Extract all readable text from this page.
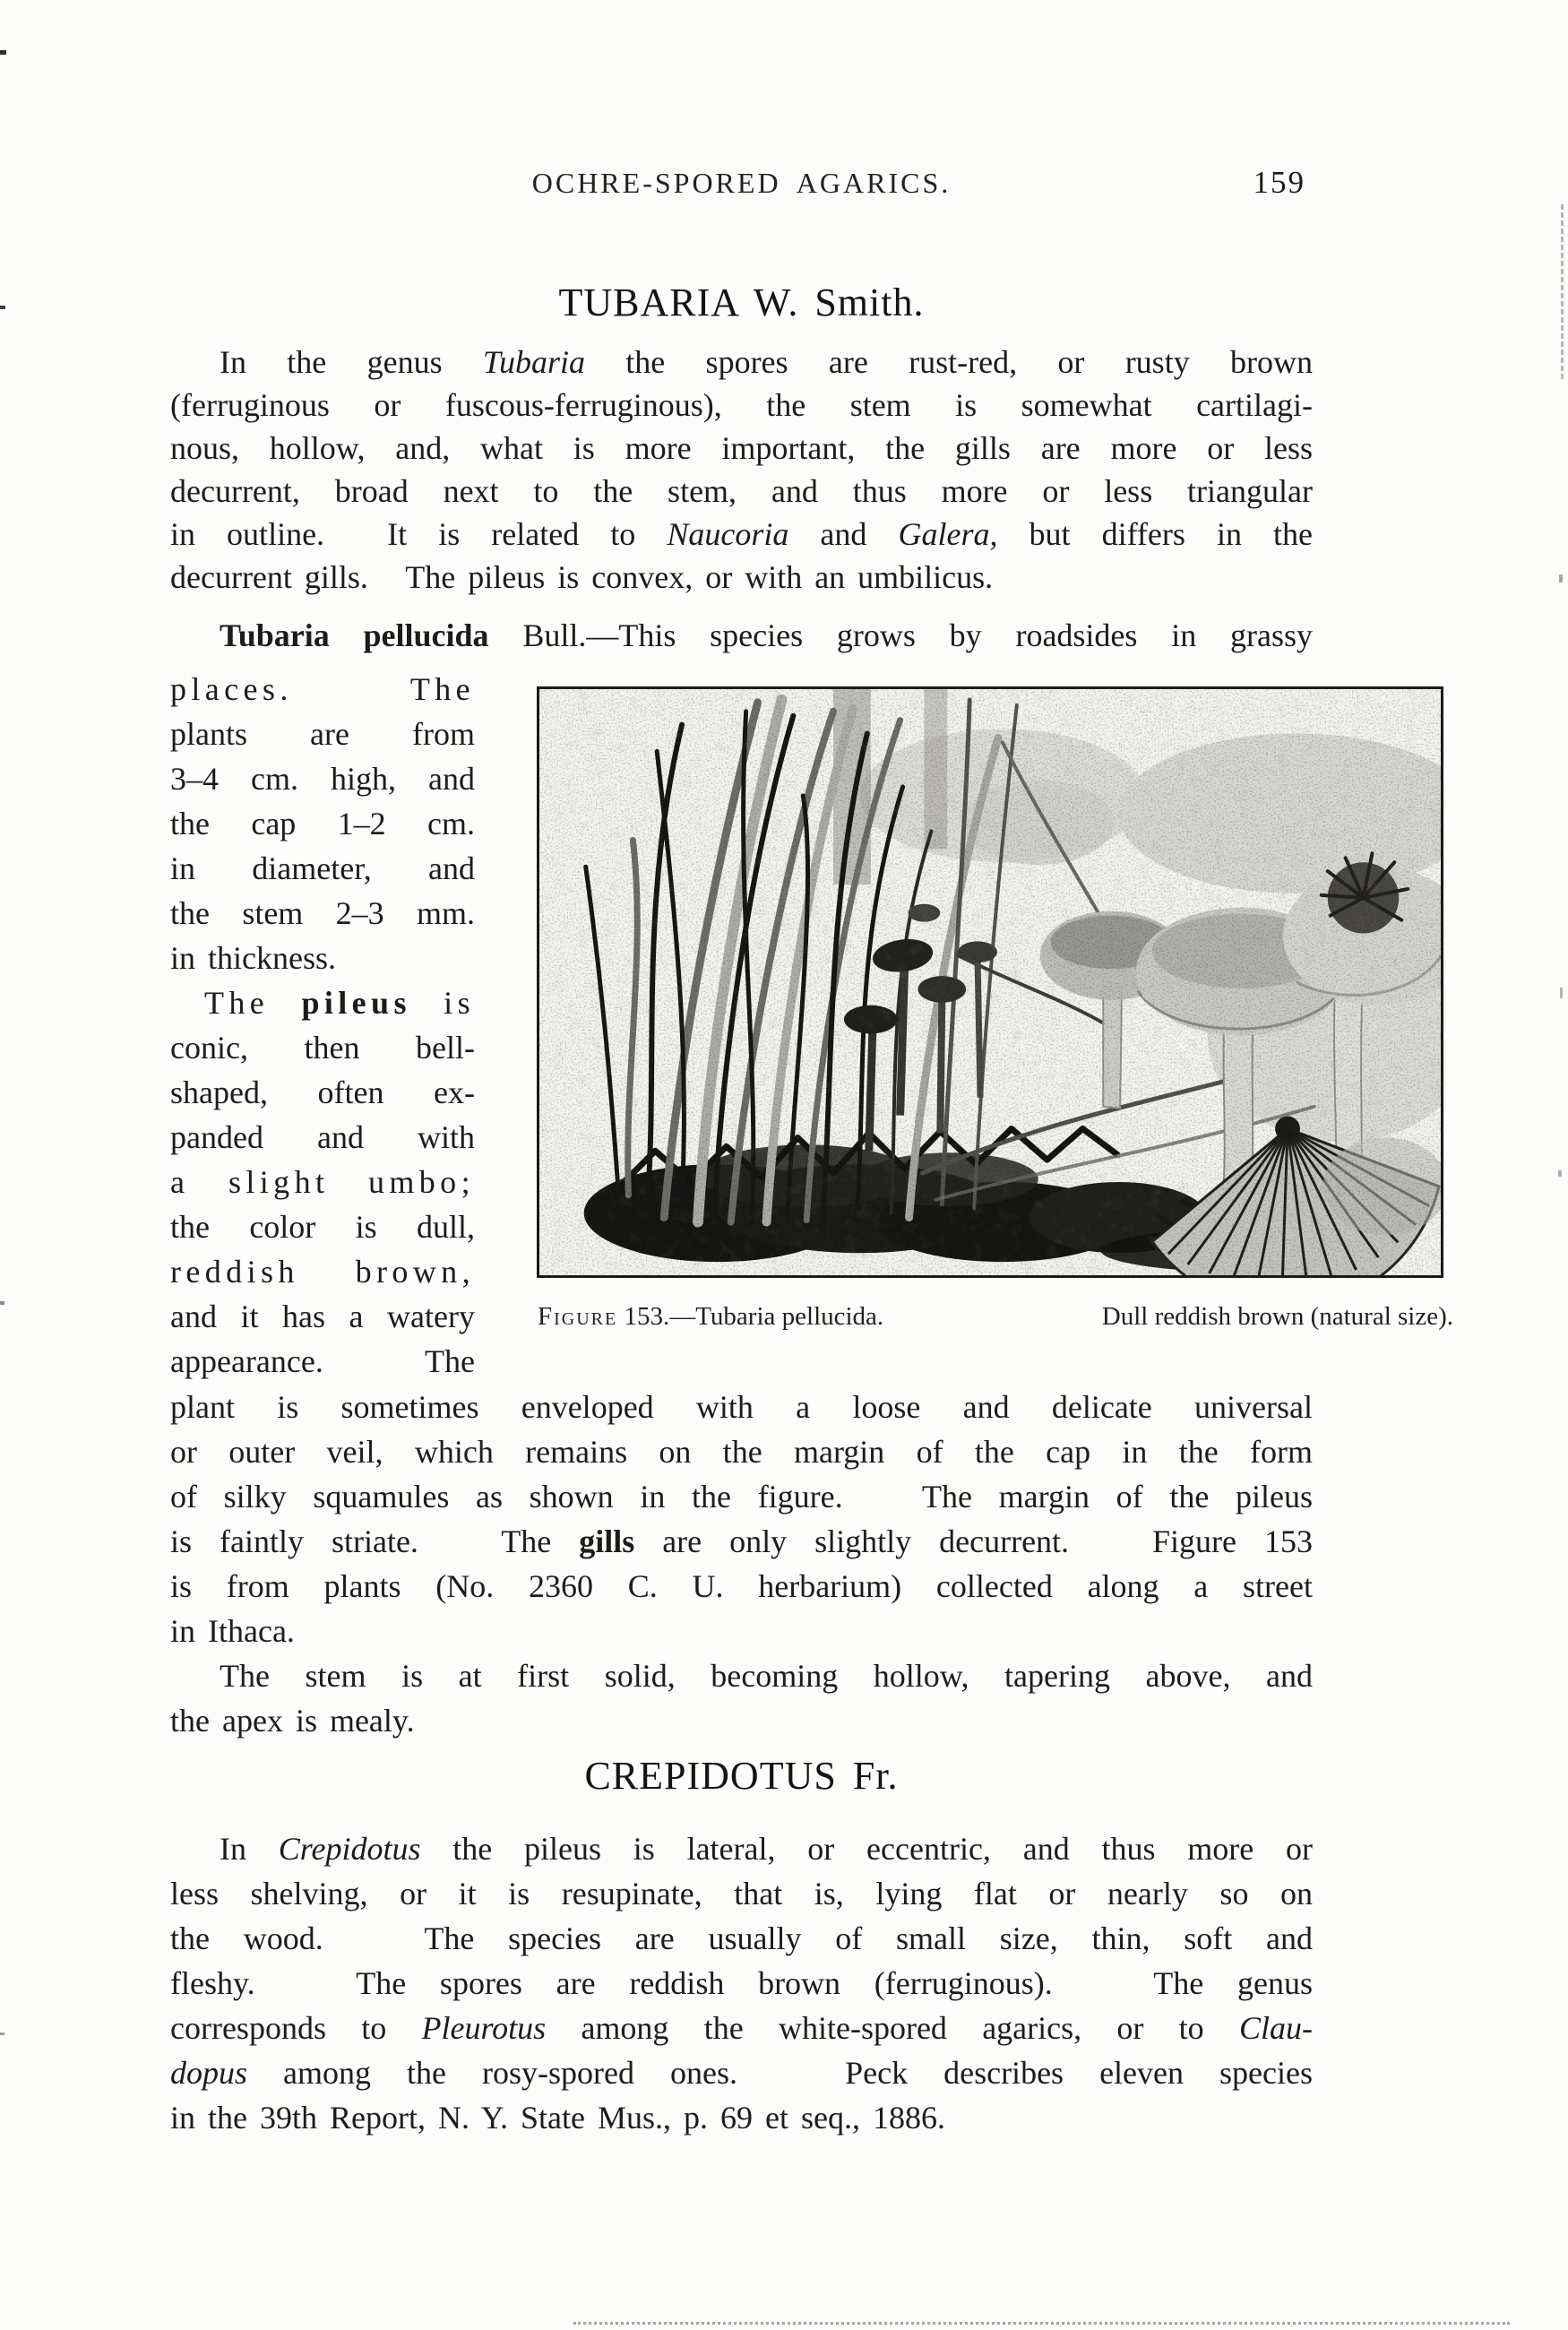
OCHRE-SPORED AGARICS.	159
TUBARIA W. Smith.
In the genus Tubaria the spores are rust-red, or rusty brown
(ferruginous or fuscous-ferruginous), the stem is somewhat cartilagi-
nous, hollow, and, what is more important, the gills are more or less
decurrent, broad next to the stem, and thus more or less triangular
in outline.  It is related to Naucoria and Galera, but differs in the
decurrent gills.   The pileus is convex, or with an umbilicus.
Tubaria pellucida Bull.—This species grows by roadsides in grassy
places.  The
plants are from
3–4 cm. high, and
the cap 1–2 cm.
in diameter, and
the stem 2–3 mm.
in thickness.
The pileus is
conic, then bell-
shaped, often ex-
panded and with
a slight umbo;
the color is dull,
reddish brown,
and it has a watery
appearance.  The
Figure 153.—Tubaria pellucida.	Dull reddish brown (natural size).
plant is sometimes enveloped with a loose and delicate universal
or outer veil, which remains on the margin of the cap in the form
of silky squamules as shown in the figure.   The margin of the pileus
is faintly striate.   The gills are only slightly decurrent.   Figure 153
is from plants (No. 2360 C. U. herbarium) collected along a street
in Ithaca.
The stem is at first solid, becoming hollow, tapering above, and
the apex is mealy.
CREPIDOTUS Fr.
In Crepidotus the pileus is lateral, or eccentric, and thus more or
less shelving, or it is resupinate, that is, lying flat or nearly so on
the wood.   The species are usually of small size, thin, soft and
fleshy.   The spores are reddish brown (ferruginous).   The genus
corresponds to Pleurotus among the white-spored agarics, or to Clau-
dopus among the rosy-spored ones.   Peck describes eleven species
in the 39th Report, N. Y. State Mus., p. 69 et seq., 1886.
